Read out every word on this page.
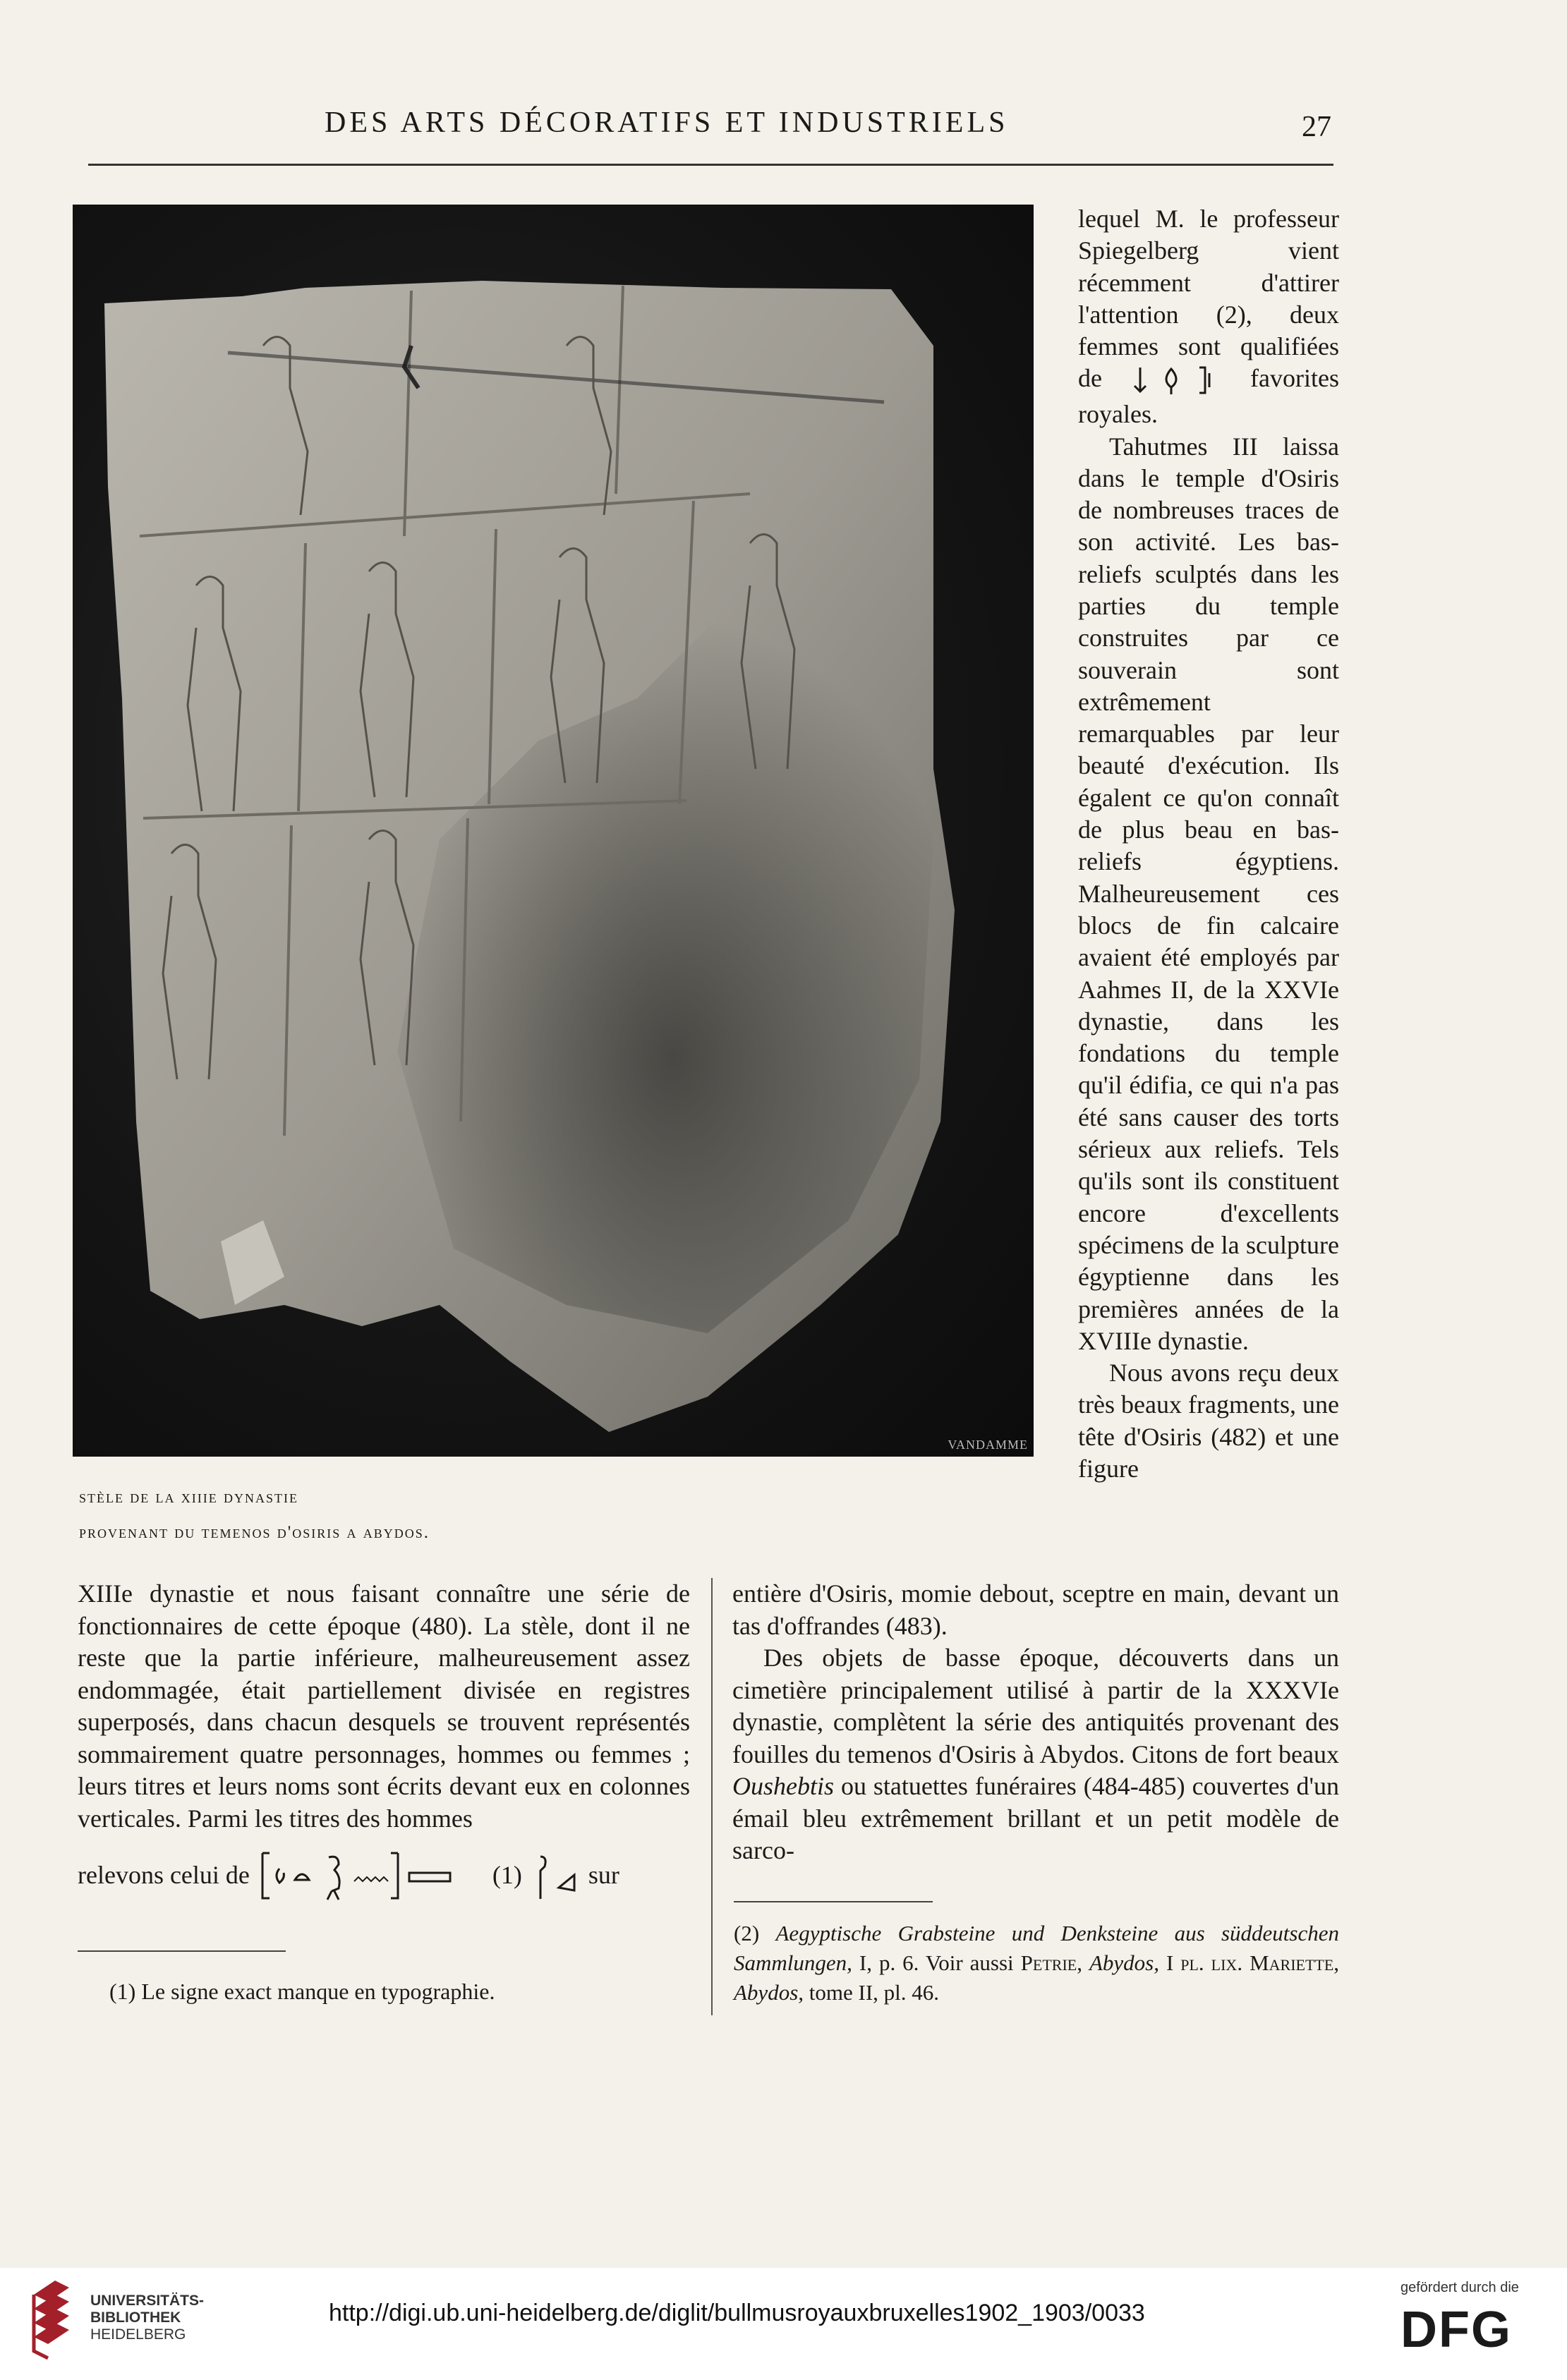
DES ARTS DÉCORATIFS ET INDUSTRIELS	27
VANDAMME

lequel M. le professeur Spiegelberg vient récemment d'attirer l'attention (2), deux femmes sont qualifiées de	favorites royales.

Tahutmes III laissa dans le temple d'Osiris de nombreuses traces de son activité. Les bas-reliefs sculptés dans les parties du temple construites par ce souverain sont extrêmement remarquables par leur beauté d'exécution. Ils égalent ce qu'on connaît de plus beau en bas-reliefs égyptiens. Malheureusement ces blocs de fin calcaire avaient été employés par Aahmes II, de la XXVIe dynastie, dans les fondations du temple qu'il édifia, ce qui n'a pas été sans causer des torts sérieux aux reliefs. Tels qu'ils sont ils constituent encore d'excellents spécimens de la sculpture égyptienne dans les premières années de la XVIIIe dynastie.

Nous avons reçu deux très beaux fragments, une tête d'Osiris (482) et une figure

stèle de la xiiie dynastie
provenant du temenos d'osiris a abydos.

XIIIe dynastie et nous faisant connaître une série de fonctionnaires de cette époque (480). La stèle, dont il ne reste que la partie inférieure, malheureusement assez endommagée, était partiellement divisée en registres superposés, dans chacun desquels se trouvent représentés sommairement quatre personnages, hommes ou femmes ; leurs titres et leurs noms sont écrits devant eux en colonnes verticales. Parmi les titres des hommes

relevons celui de	(1)	sur

entière d'Osiris, momie debout, sceptre en main, devant un tas d'offrandes (483).

Des objets de basse époque, découverts dans un cimetière principalement utilisé à partir de la XXXVIe dynastie, complètent la série des antiquités provenant des fouilles du temenos d'Osiris à Abydos. Citons de fort beaux Oushebtis ou statuettes funéraires (484-485) couvertes d'un émail bleu extrêmement brillant et un petit modèle de sarco-

(1) Le signe exact manque en typographie.
(2) Aegyptische Grabsteine und Denksteine aus süddeutschen Sammlungen, I, p. 6. Voir aussi Petrie, Abydos, I pl. lix. Mariette, Abydos, tome II, pl. 46.
UNIVERSITÄTS-
BIBLIOTHEK
HEIDELBERG
http://digi.ub.uni-heidelberg.de/diglit/bullmusroyauxbruxelles1902_1903/0033
gefördert durch die
DFG
